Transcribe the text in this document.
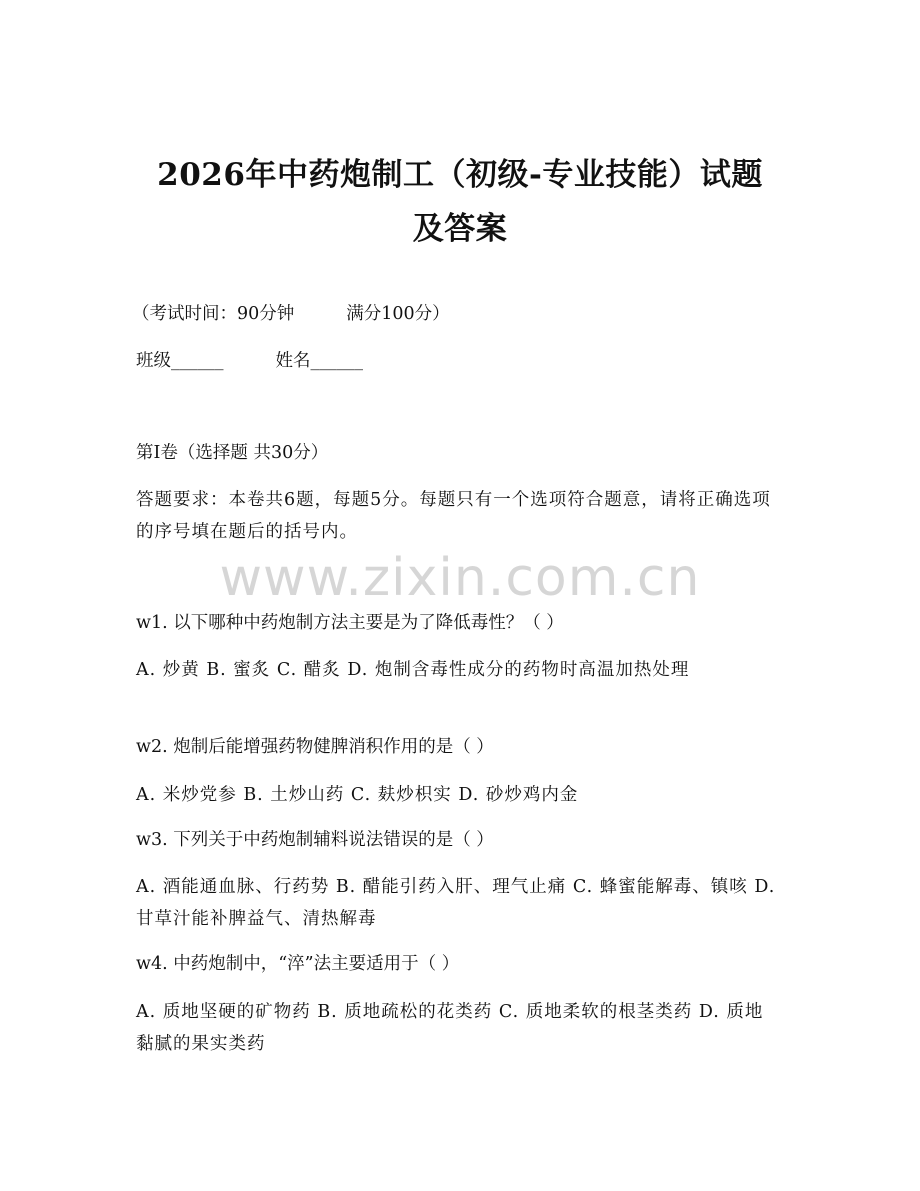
2026年中药炮制工（初级-专业技能）试题
及答案
（考试时间：90分钟	满分100分）
班级______	姓名______
第I卷（选择题 共30分）
答题要求：本卷共6题，每题5分。每题只有一个选项符合题意，请将正确选项的序号填在题后的括号内。
www.zixin.com.cn
w1. 以下哪种中药炮制方法主要是为了降低毒性？（ ）
A. 炒黄 B. 蜜炙 C. 醋炙 D. 炮制含毒性成分的药物时高温加热处理
w2. 炮制后能增强药物健脾消积作用的是（ ）
A. 米炒党参 B. 土炒山药 C. 麸炒枳实 D. 砂炒鸡内金
w3. 下列关于中药炮制辅料说法错误的是（ ）
A. 酒能通血脉、行药势 B. 醋能引药入肝、理气止痛 C. 蜂蜜能解毒、镇咳 D. 甘草汁能补脾益气、清热解毒
w4. 中药炮制中，“淬”法主要适用于（ ）
A. 质地坚硬的矿物药 B. 质地疏松的花类药 C. 质地柔软的根茎类药 D. 质地黏腻的果实类药
